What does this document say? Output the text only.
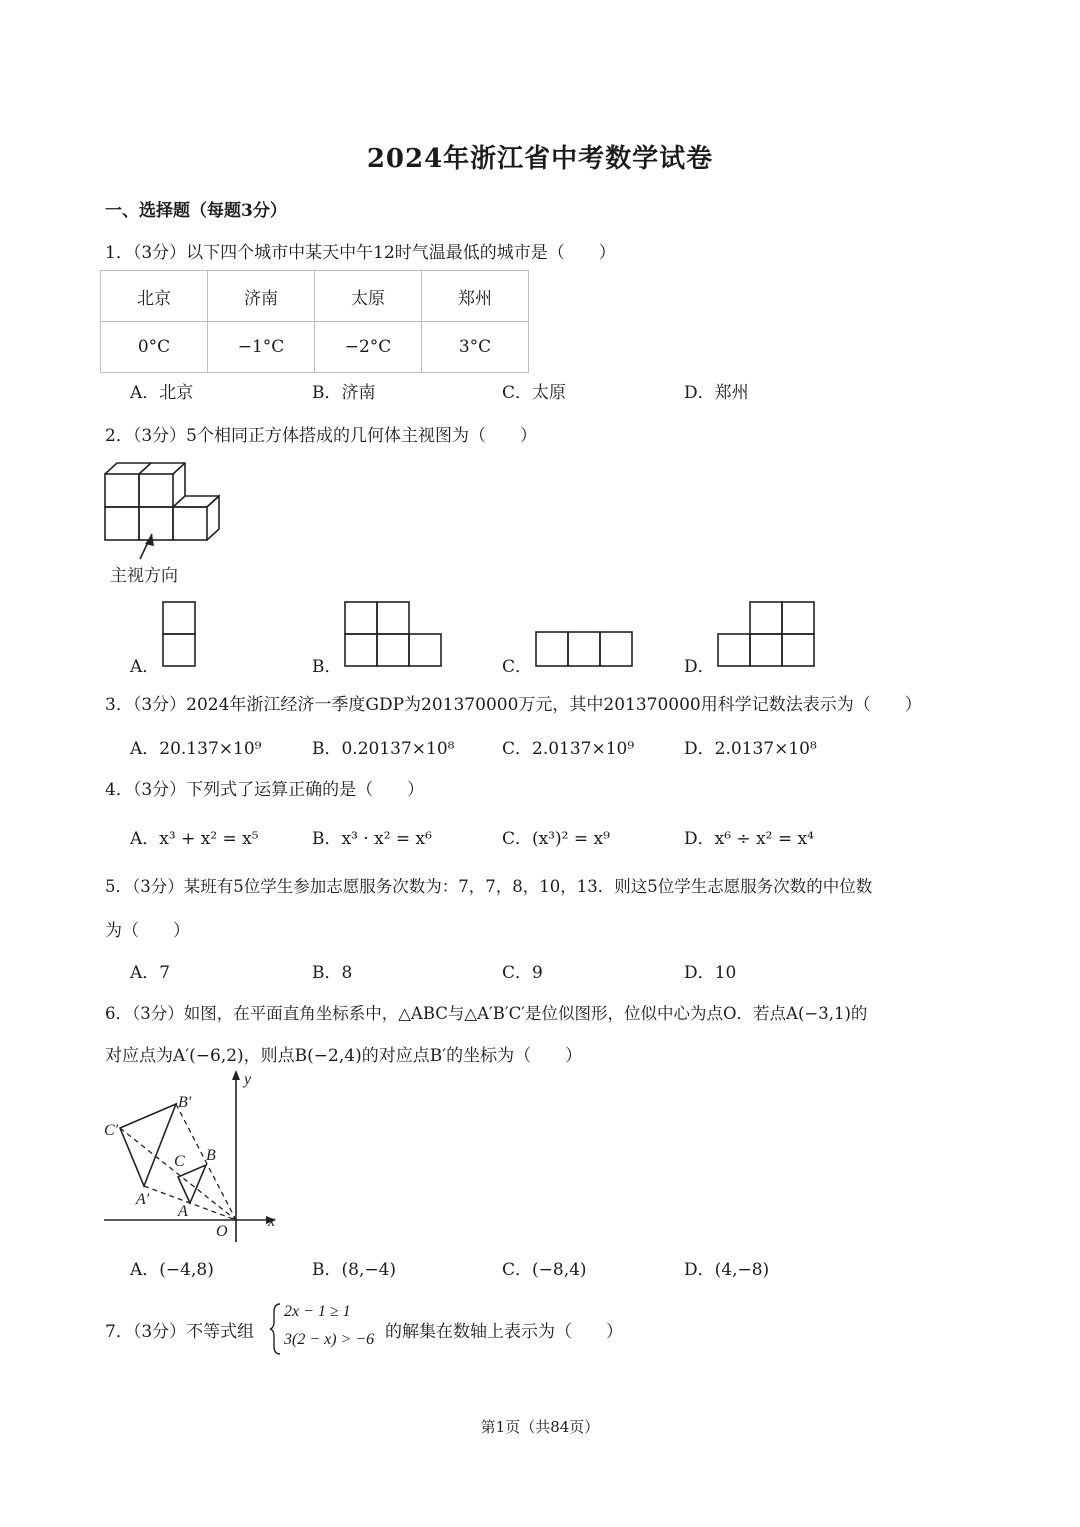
2024年浙江省中考数学试卷
一、选择题（每题3分）
1．（3分）以下四个城市中某天中午12时气温最低的城市是（　　）
北京	济南	太原	郑州
0°C	−1°C	−2°C	3°C
A．北京	B．济南	C．太原	D．郑州
2．（3分）5个相同正方体搭成的几何体主视图为（　　）
主视方向
A．	B．	C．	D．
3．（3分）2024年浙江经济一季度GDP为201370000万元，其中201370000用科学记数法表示为（　　）
A．20.137×10⁹	B．0.20137×10⁸	C．2.0137×10⁹	D．2.0137×10⁸
4．（3分）下列式了运算正确的是（　　）
A．x³ + x² = x⁵	B．x³ · x² = x⁶	C．(x³)² = x⁹	D．x⁶ ÷ x² = x⁴
5．（3分）某班有5位学生参加志愿服务次数为：7，7，8，10，13．则这5位学生志愿服务次数的中位数
为（　　）
A．7	B．8	C．9	D．10
6．（3分）如图，在平面直角坐标系中，△ABC与△A′B′C′是位似图形，位似中心为点O．若点A(−3,1)的
对应点为A′(−6,2)，则点B(−2,4)的对应点B′的坐标为（　　）
y
x
O
A
B
C
A′
B′
C′
A．(−4,8)	B．(8,−4)	C．(−8,4)	D．(4,−8)
7．（3分）不等式组
2x − 1 ≥ 1
3(2 − x) > −6 的解集在数轴上表示为（　　）
第1页（共84页）
